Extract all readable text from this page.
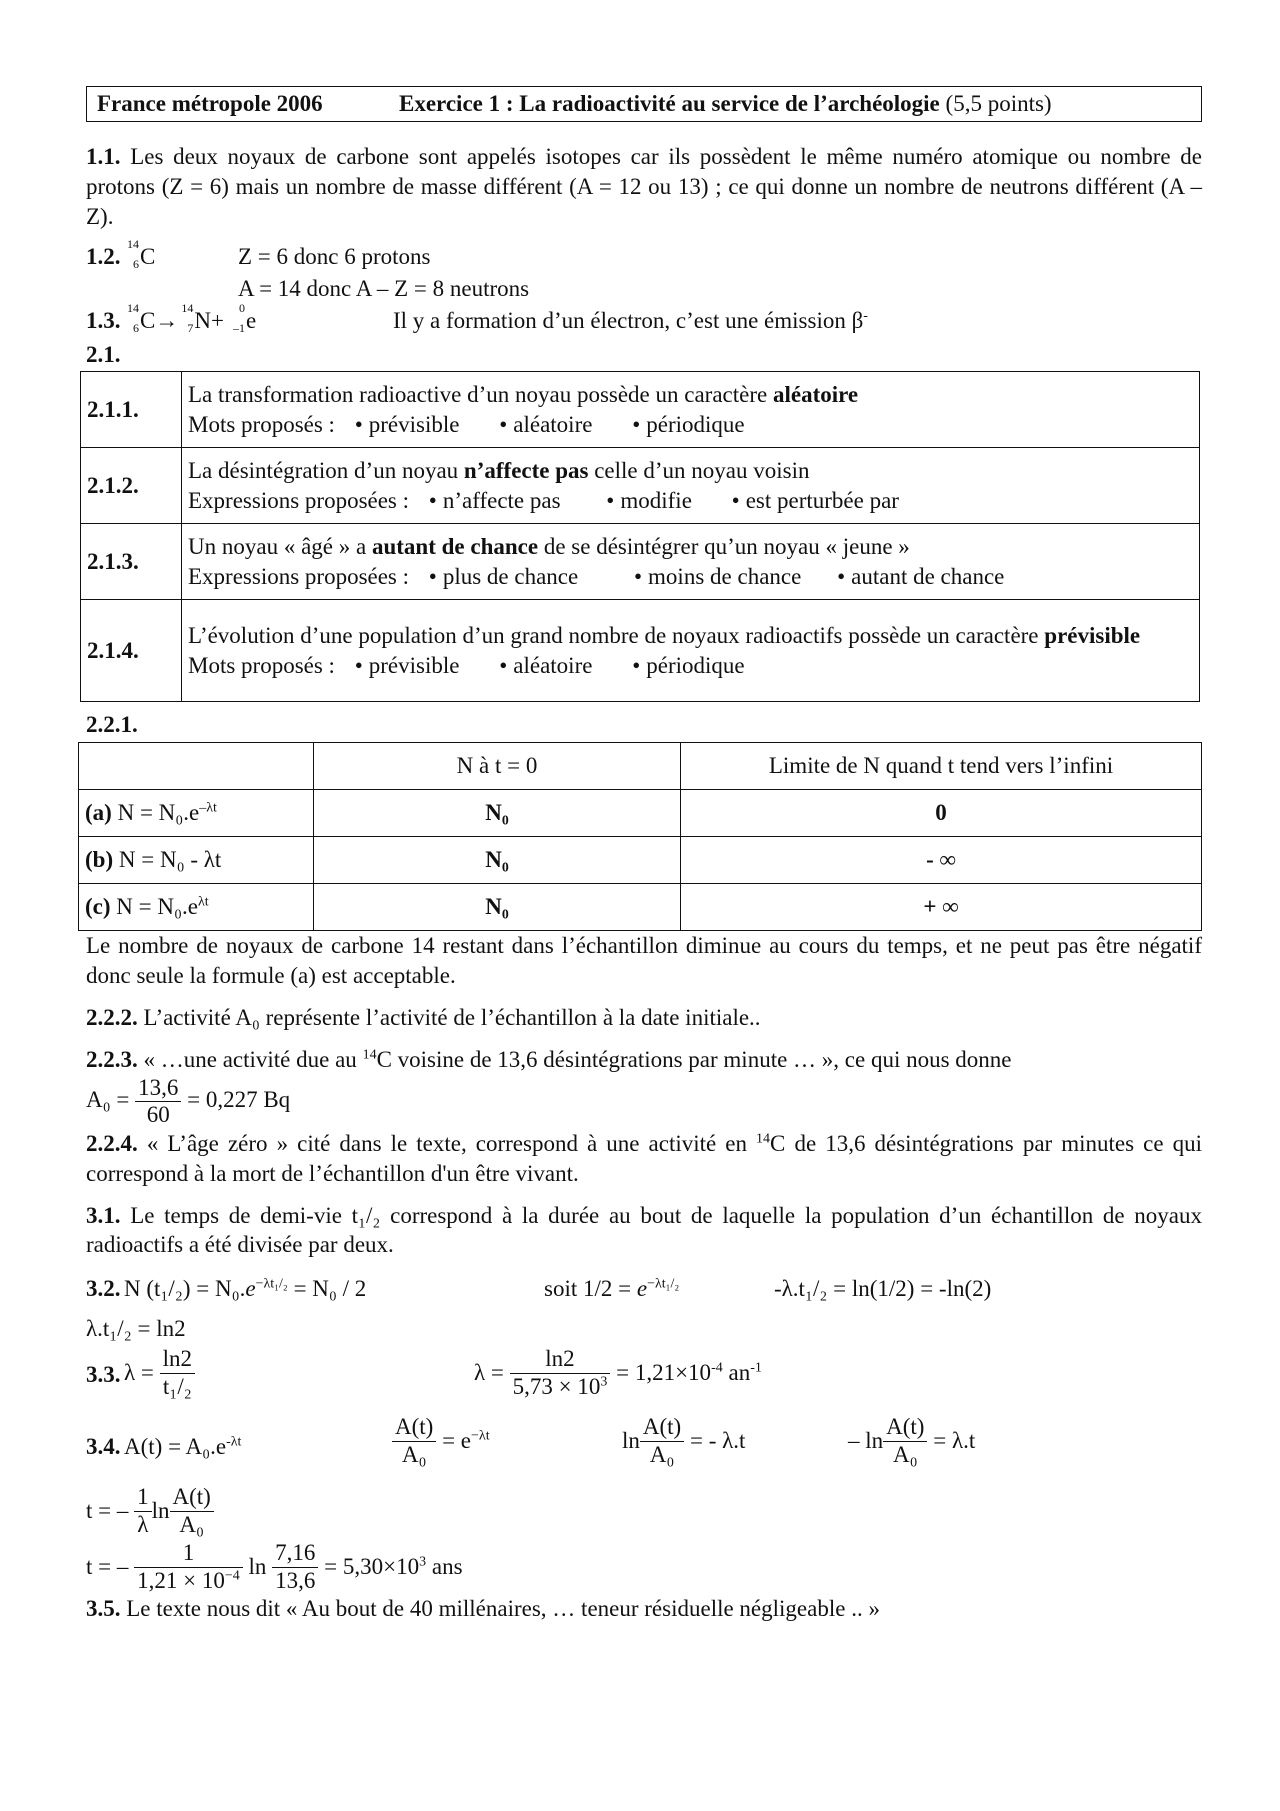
France métropole 2006	Exercice 1 : La radioactivité au service de l’archéologie (5,5 points)

1.1. Les deux noyaux de carbone sont appelés isotopes car ils possèdent le même numéro atomique ou nombre de protons (Z = 6) mais un nombre de masse différent (A = 12 ou 13) ; ce qui donne un nombre de neutrons différent (A – Z).

1.2. 14
6 C	Z = 6 donc 6 protons
A = 14 donc A – Z = 8 neutrons
1.3. 14
6 C→ 14
7 N+ 0
–1 e	Il y a formation d’un électron, c’est une émission β-

2.1.

2.1.1.	La transformation radioactive d’un noyau possède un caractère aléatoire
Mots proposés : • prévisible • aléatoire • périodique

2.1.2.	La désintégration d’un noyau n’affecte pas celle d’un noyau voisin
Expressions proposées : • n’affecte pas • modifie • est perturbée par

2.1.3.	Un noyau « âgé » a autant de chance de se désintégrer qu’un noyau « jeune »
Expressions proposées : • plus de chance • moins de chance • autant de chance

2.1.4.	L’évolution d’une population d’un grand nombre de noyaux radioactifs possède un caractère prévisible
Mots proposés : • prévisible • aléatoire • périodique

2.2.1.

	N à t = 0	Limite de N quand t tend vers l’infini
(a) $N = N_0.e^{-\lambda t}$	N₀	0
(b) N = N₀ - λt	N₀	- ∞
(c) $N = N_0.e^{\lambda t}$	N₀	+ ∞

Le nombre de noyaux de carbone 14 restant dans l’échantillon diminue au cours du temps, et ne peut pas être négatif donc seule la formule (a) est acceptable.

2.2.2. L’activité A₀ représente l’activité de l’échantillon à la date initiale..

2.2.3. « …une activité due au $^{14}$C voisine de 13,6 désintégrations par minute … », ce qui nous donne

$A_0 = \frac{13,6}{60} = 0,227$ Bq

2.2.4. « L’âge zéro » cité dans le texte, correspond à une activité en $^{14}$C de 13,6 désintégrations par minutes ce qui correspond à la mort de l’échantillon d'un être vivant.

3.1. Le temps de demi-vie t₁/₂ correspond à la durée au bout de laquelle la population d’un échantillon de noyaux radioactifs a été divisée par deux.

3.2. N $(t_1/_2) = N_0.e^{-\lambda t_1/_2} = N_0 / 2$	soit $1/2 = e^{-\lambda t_1/_2}$	-λ.t₁/₂ = ln(1/2) = -ln(2)

λ.t₁/₂ = ln2

3.3. $\lambda = \frac{\ln 2}{\text{t₁/₂}}$	$\lambda = \frac{\ln 2}{5,73 \times 10^3} = 1,21\times 10^{-4}$ $an^{-1}$
3.4. $A(t) = A_0.e^{-\lambda t}$	$\frac{A(t)}{\text{A₀}} = e^{-\lambda t}$	$\ln \frac{A(t)}{\text{A₀}}$ = - λ.t	– $\ln \frac{A(t)}{\text{A₀}} = \lambda.t$
t = – $\frac{1}{\lambda}$ $\ln \frac{A(t)}{\text{A₀}}$
t = – $\frac{1}{1,21 \times 10^{-4}}$ $\ln \frac{7,16}{13,6} = 5,30\times 10^3$ ans

3.5. Le texte nous dit « Au bout de 40 millénaires, … teneur résiduelle négligeable .. »
